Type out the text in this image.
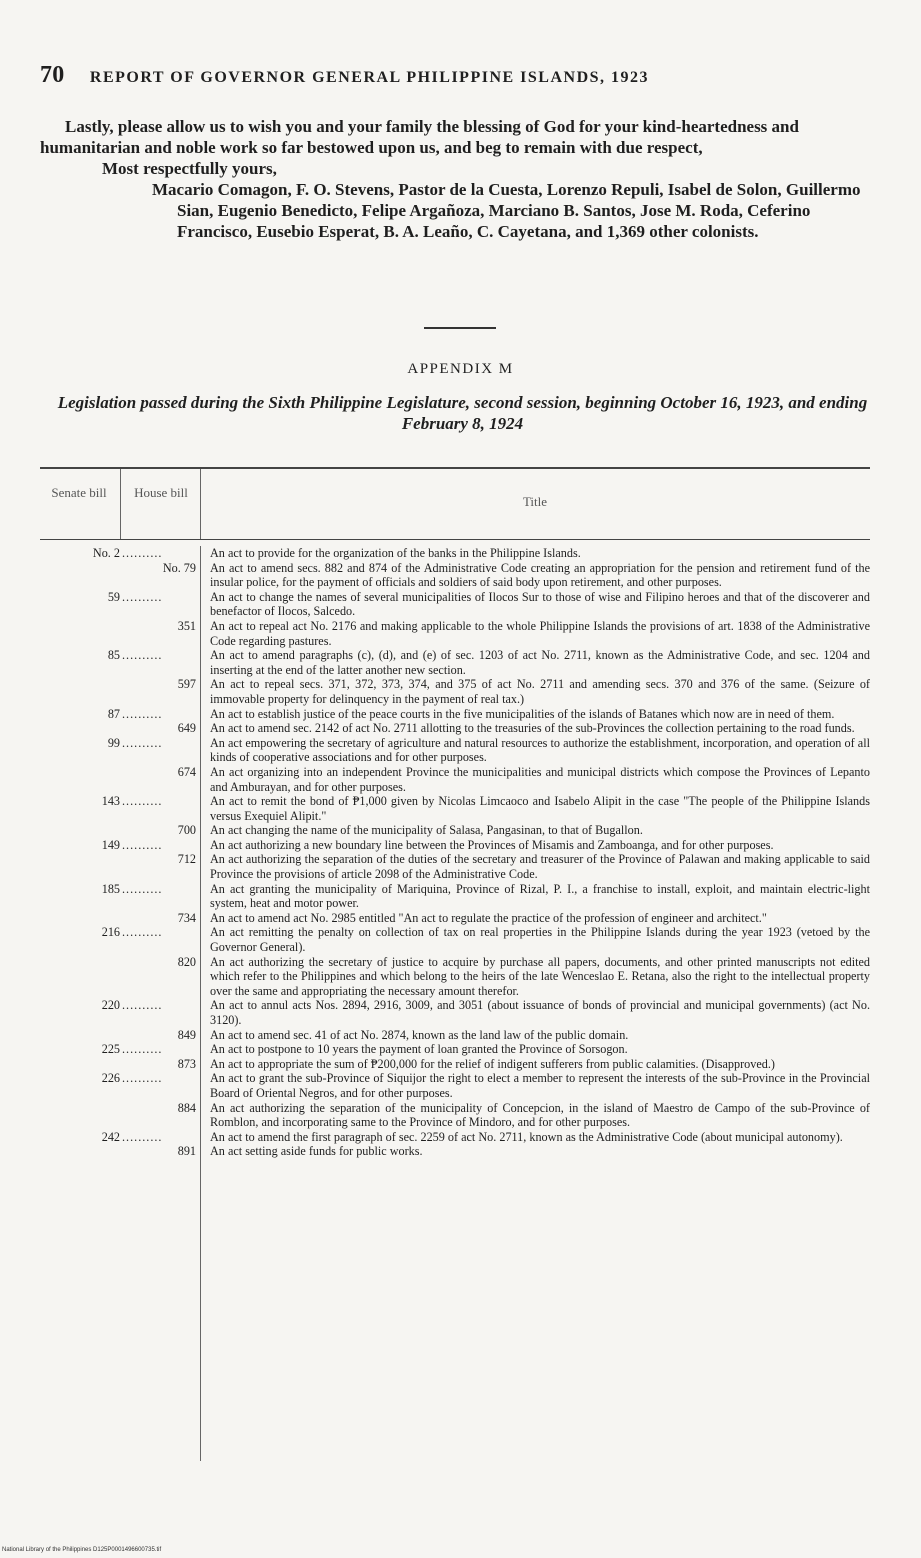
70 REPORT OF GOVERNOR GENERAL PHILIPPINE ISLANDS, 1923

Lastly, please allow us to wish you and your family the blessing of God for your kind-heartedness and humanitarian and noble work so far bestowed upon us, and beg to remain with due respect,

Most respectfully yours,

Macario Comagon, F. O. Stevens, Pastor de la Cuesta, Lorenzo Repuli, Isabel de Solon, Guillermo Sian, Eugenio Benedicto, Felipe Argañoza, Marciano B. Santos, Jose M. Roda, Ceferino Francisco, Eusebio Esperat, B. A. Leaño, C. Cayetana, and 1,369 other colonists.

APPENDIX M
Legislation passed during the Sixth Philippine Legislature, second session, beginning October 16, 1923, and ending February 8, 1924
Senate bill	House bill
Title
No. 2 ..........	An act to provide for the organization of the banks in the Philippine Islands.
No. 79 An act to amend secs. 882 and 874 of the Administrative Code creating an appropriation for the pension and retirement fund of the insular police, for the payment of officials and soldiers of said body upon retirement, and other purposes.
59 ..........	An act to change the names of several municipalities of Ilocos Sur to those of wise and Filipino heroes and that of the discoverer and benefactor of Ilocos, Salcedo.
351 An act to repeal act No. 2176 and making applicable to the whole Philippine Islands the provisions of art. 1838 of the Administrative Code regarding pastures.
85 ..........	An act to amend paragraphs (c), (d), and (e) of sec. 1203 of act No. 2711, known as the Administrative Code, and sec. 1204 and inserting at the end of the latter another new section.
597 An act to repeal secs. 371, 372, 373, 374, and 375 of act No. 2711 and amending secs. 370 and 376 of the same. (Seizure of immovable property for delinquency in the payment of real tax.)
87 ..........	An act to establish justice of the peace courts in the five municipalities of the islands of Batanes which now are in need of them.
649 An act to amend sec. 2142 of act No. 2711 allotting to the treasuries of the sub-Provinces the collection pertaining to the road funds.
99 ..........	An act empowering the secretary of agriculture and natural resources to authorize the establishment, incorporation, and operation of all kinds of cooperative associations and for other purposes.
674 An act organizing into an independent Province the municipalities and municipal districts which compose the Provinces of Lepanto and Amburayan, and for other purposes.
143 ..........	An act to remit the bond of ₱1,000 given by Nicolas Limcaoco and Isabelo Alipit in the case "The people of the Philippine Islands versus Exequiel Alipit."
700 An act changing the name of the municipality of Salasa, Pangasinan, to that of Bugallon.
149 ..........	An act authorizing a new boundary line between the Provinces of Misamis and Zamboanga, and for other purposes.
712 An act authorizing the separation of the duties of the secretary and treasurer of the Province of Palawan and making applicable to said Province the provisions of article 2098 of the Administrative Code.
185 ..........	An act granting the municipality of Mariquina, Province of Rizal, P. I., a franchise to install, exploit, and maintain electric-light system, heat and motor power.
734 An act to amend act No. 2985 entitled "An act to regulate the practice of the profession of engineer and architect."
216 ..........	An act remitting the penalty on collection of tax on real properties in the Philippine Islands during the year 1923 (vetoed by the Governor General).
820 An act authorizing the secretary of justice to acquire by purchase all papers, documents, and other printed manuscripts not edited which refer to the Philippines and which belong to the heirs of the late Wenceslao E. Retana, also the right to the intellectual property over the same and appropriating the necessary amount therefor.
220 ..........	An act to annul acts Nos. 2894, 2916, 3009, and 3051 (about issuance of bonds of provincial and municipal governments) (act No. 3120).
849 An act to amend sec. 41 of act No. 2874, known as the land law of the public domain.
225 ..........	An act to postpone to 10 years the payment of loan granted the Province of Sorsogon.
873 An act to appropriate the sum of ₱200,000 for the relief of indigent sufferers from public calamities. (Disapproved.)
226 ..........	An act to grant the sub-Province of Siquijor the right to elect a member to represent the interests of the sub-Province in the Provincial Board of Oriental Negros, and for other purposes.
884 An act authorizing the separation of the municipality of Concepcion, in the island of Maestro de Campo of the sub-Province of Romblon, and incorporating same to the Province of Mindoro, and for other purposes.
242 ..........	An act to amend the first paragraph of sec. 2259 of act No. 2711, known as the Administrative Code (about municipal autonomy).
891 An act setting aside funds for public works.
National Library of the Philippines D125P0001496600735.tif
